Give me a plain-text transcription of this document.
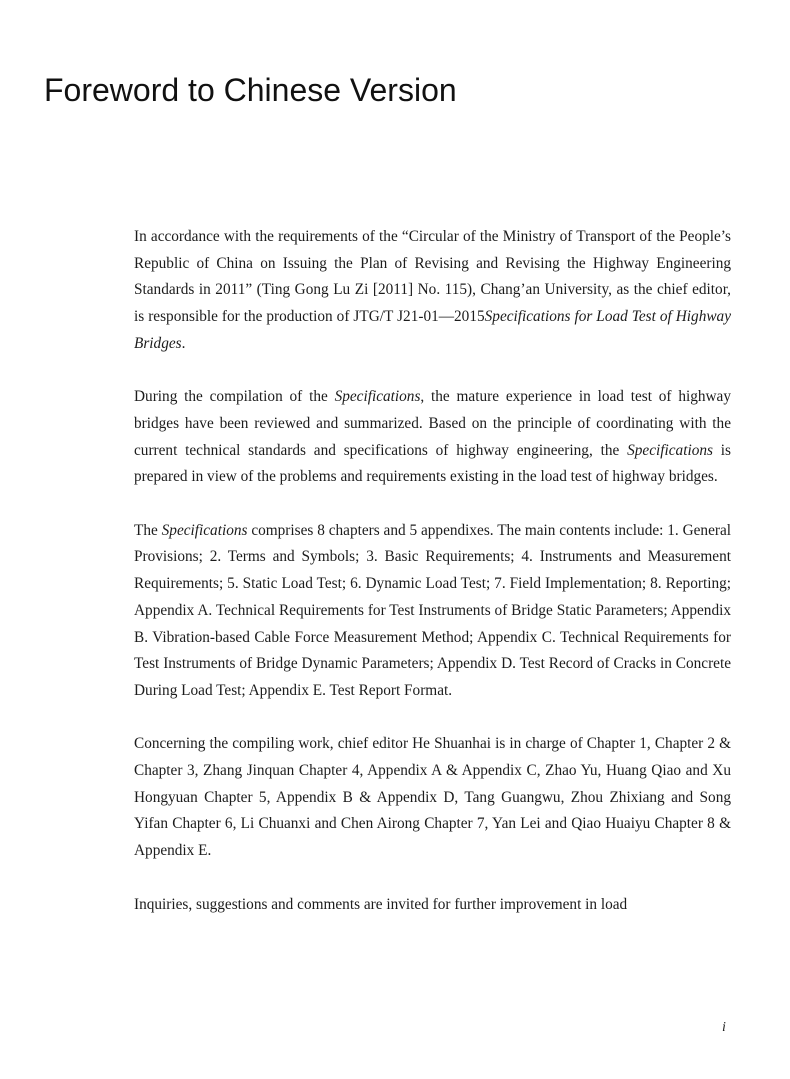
Foreword to Chinese Version

In accordance with the requirements of the “Circular of the Ministry of Transport of the People’s Republic of China on Issuing the Plan of Revising and Revising the Highway Engineering Standards in 2011” (Ting Gong Lu Zi [2011] No. 115), Chang’an University, as the chief editor, is responsible for the production of JTG/T J21-01—2015Specifications for Load Test of Highway Bridges.

During the compilation of the Specifications, the mature experience in load test of highway bridges have been reviewed and summarized. Based on the principle of coordinating with the current technical standards and specifications of highway engineering, the Specifications is prepared in view of the problems and requirements existing in the load test of highway bridges.

The Specifications comprises 8 chapters and 5 appendixes. The main contents include: 1. General Provisions; 2. Terms and Symbols; 3. Basic Requirements; 4. Instruments and Measurement Requirements; 5. Static Load Test; 6. Dynamic Load Test; 7. Field Implementation; 8. Reporting; Appendix A. Technical Requirements for Test Instruments of Bridge Static Parameters; Appendix B. Vibration-based Cable Force Measurement Method; Appendix C. Technical Requirements for Test Instruments of Bridge Dynamic Parameters; Appendix D. Test Record of Cracks in Concrete During Load Test; Appendix E. Test Report Format.

Concerning the compiling work, chief editor He Shuanhai is in charge of Chapter 1, Chapter 2 & Chapter 3, Zhang Jinquan Chapter 4, Appendix A & Appendix C, Zhao Yu, Huang Qiao and Xu Hongyuan Chapter 5, Appendix B & Appendix D, Tang Guangwu, Zhou Zhixiang and Song Yifan Chapter 6, Li Chuanxi and Chen Airong Chapter 7, Yan Lei and Qiao Huaiyu Chapter 8 & Appendix E.

Inquiries, suggestions and comments are invited for further improvement in load

i
